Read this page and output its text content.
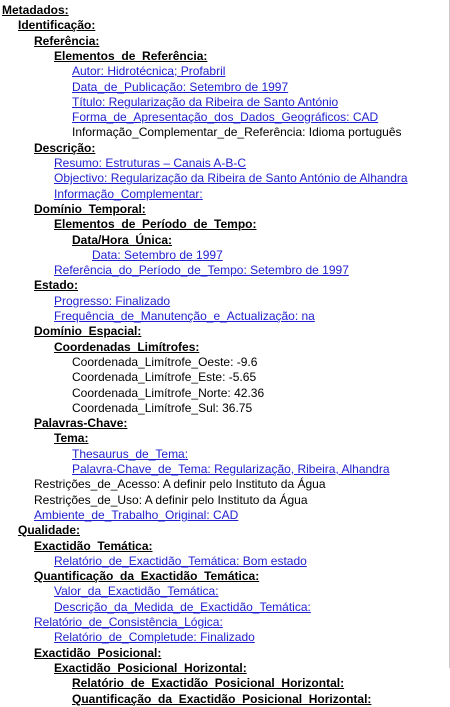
Metadados:
Identificação:
Referência:
Elementos_de_Referência:
Autor: Hidrotécnica; Profabril
Data_de_Publicação: Setembro de 1997
Título: Regularização da Ribeira de Santo António
Forma_de_Apresentação_dos_Dados_Geográficos: CAD
Informação_Complementar_de_Referência: Idioma português
Descrição:
Resumo: Estruturas – Canais A-B-C
Objectivo: Regularização da Ribeira de Santo António de Alhandra
Informação_Complementar:
Domínio_Temporal:
Elementos_de_Período_de_Tempo:
Data/Hora_Única:
Data: Setembro de 1997
Referência_do_Período_de_Tempo: Setembro de 1997
Estado:
Progresso: Finalizado
Frequência_de_Manutenção_e_Actualização: na
Domínio_Espacial:
Coordenadas_Limítrofes:
Coordenada_Limítrofe_Oeste: -9.6
Coordenada_Limítrofe_Este: -5.65
Coordenada_Limítrofe_Norte: 42.36
Coordenada_Limítrofe_Sul: 36.75
Palavras-Chave:
Tema:
Thesaurus_de_Tema:
Palavra-Chave_de_Tema: Regularização, Ribeira, Alhandra
Restrições_de_Acesso: A definir pelo Instituto da Água
Restrições_de_Uso: A definir pelo Instituto da Água
Ambiente_de_Trabalho_Original: CAD
Qualidade:
Exactidão_Temática:
Relatório_de_Exactidão_Temática: Bom estado
Quantificação_da_Exactidão_Temática:
Valor_da_Exactidão_Temática:
Descrição_da_Medida_de_Exactidão_Temática:
Relatório_de_Consistência_Lógica:
Relatório_de_Completude: Finalizado
Exactidão_Posicional:
Exactidão_Posicional_Horizontal:
Relatório_de_Exactidão_Posicional_Horizontal:
Quantificação_da_Exactidão_Posicional_Horizontal:
